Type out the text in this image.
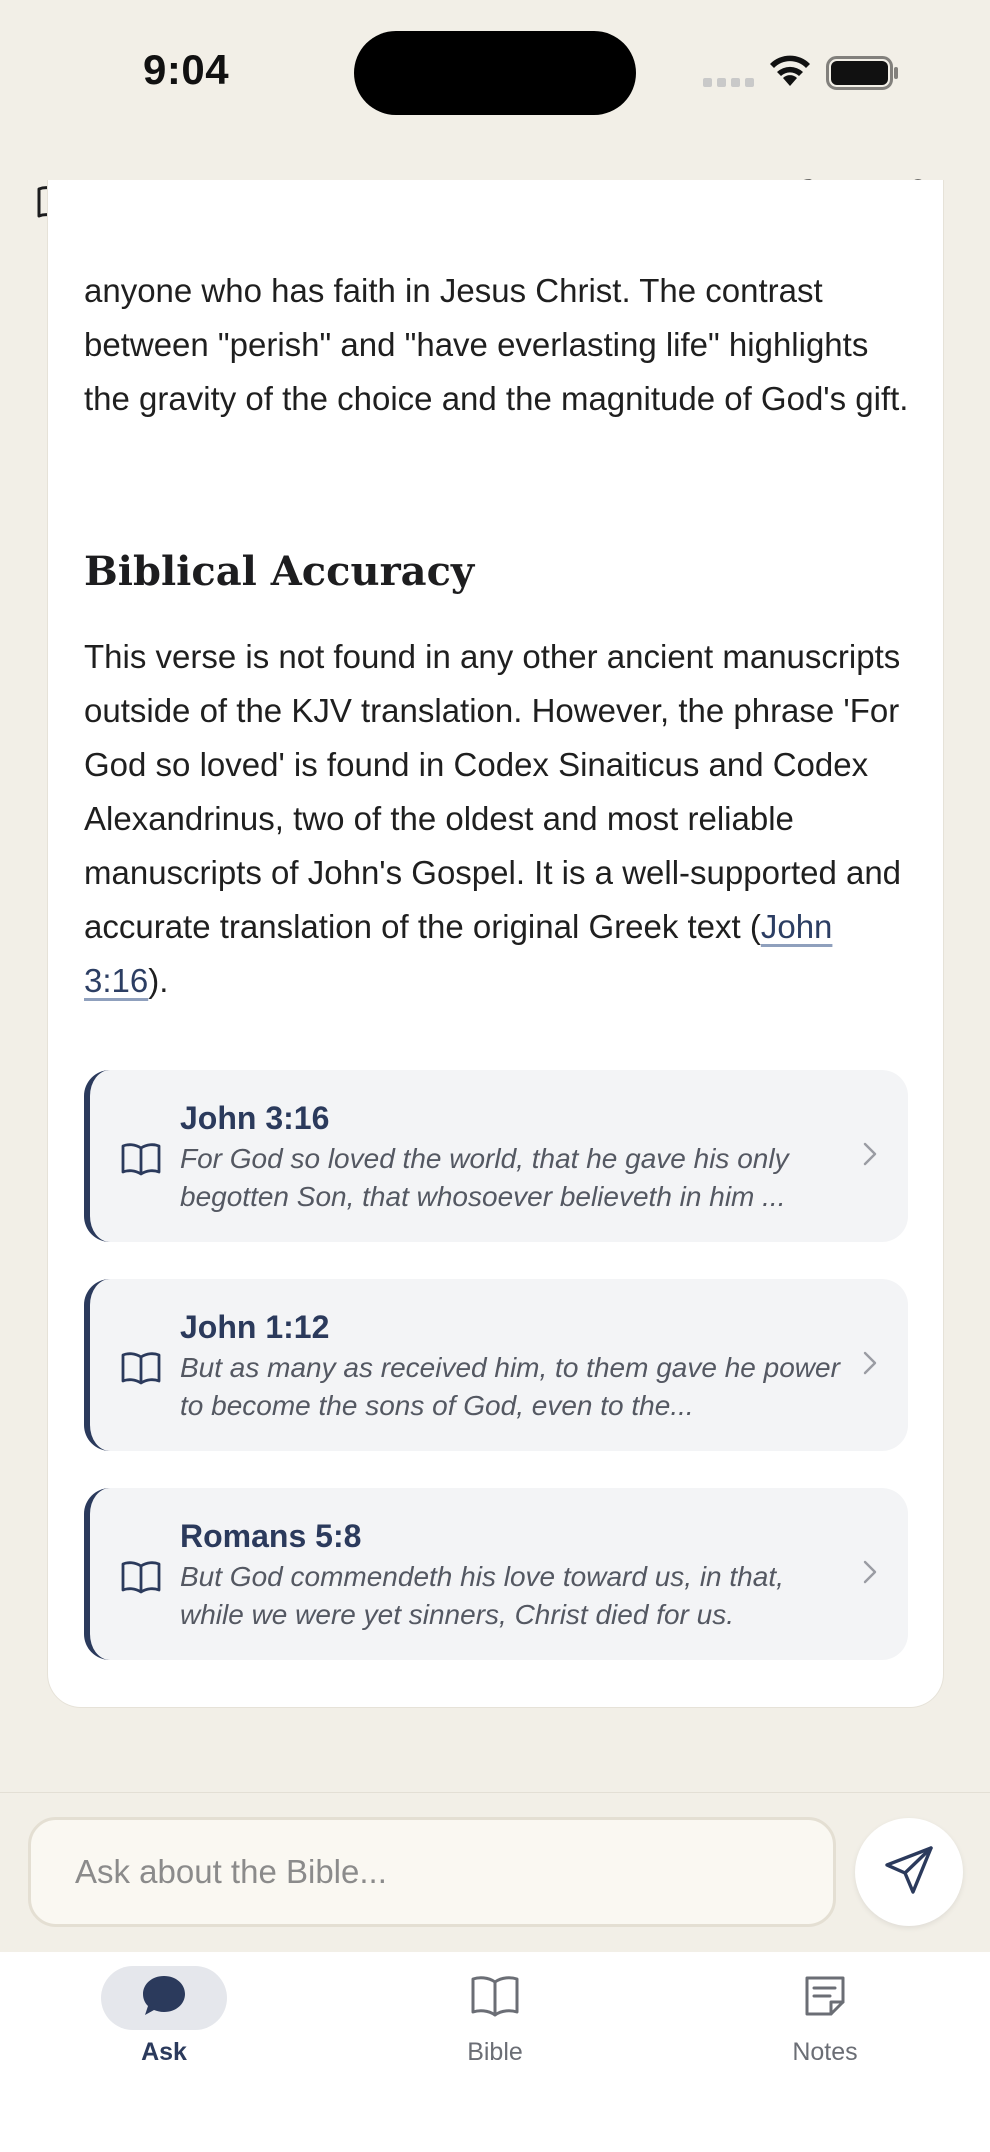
9:04

anyone who has faith in Jesus Christ. The contrast between "perish" and "have everlasting life" highlights the gravity of the choice and the magnitude of God's gift.

Biblical Accuracy

This verse is not found in any other ancient manuscripts outside of the KJV translation. However, the phrase 'For God so loved' is found in Codex Sinaiticus and Codex Alexandrinus, two of the oldest and most reliable manuscripts of John's Gospel. It is a well-supported and accurate translation of the original Greek text (John 3:16).

John 3:16
For God so loved the world, that he gave his only begotten Son, that whosoever believeth in him ...
John 1:12
But as many as received him, to them gave he power to become the sons of God, even to the...
Romans 5:8
But God commendeth his love toward us, in that, while we were yet sinners, Christ died for us.
Ask about the Bible...
Ask	Bible	Notes
